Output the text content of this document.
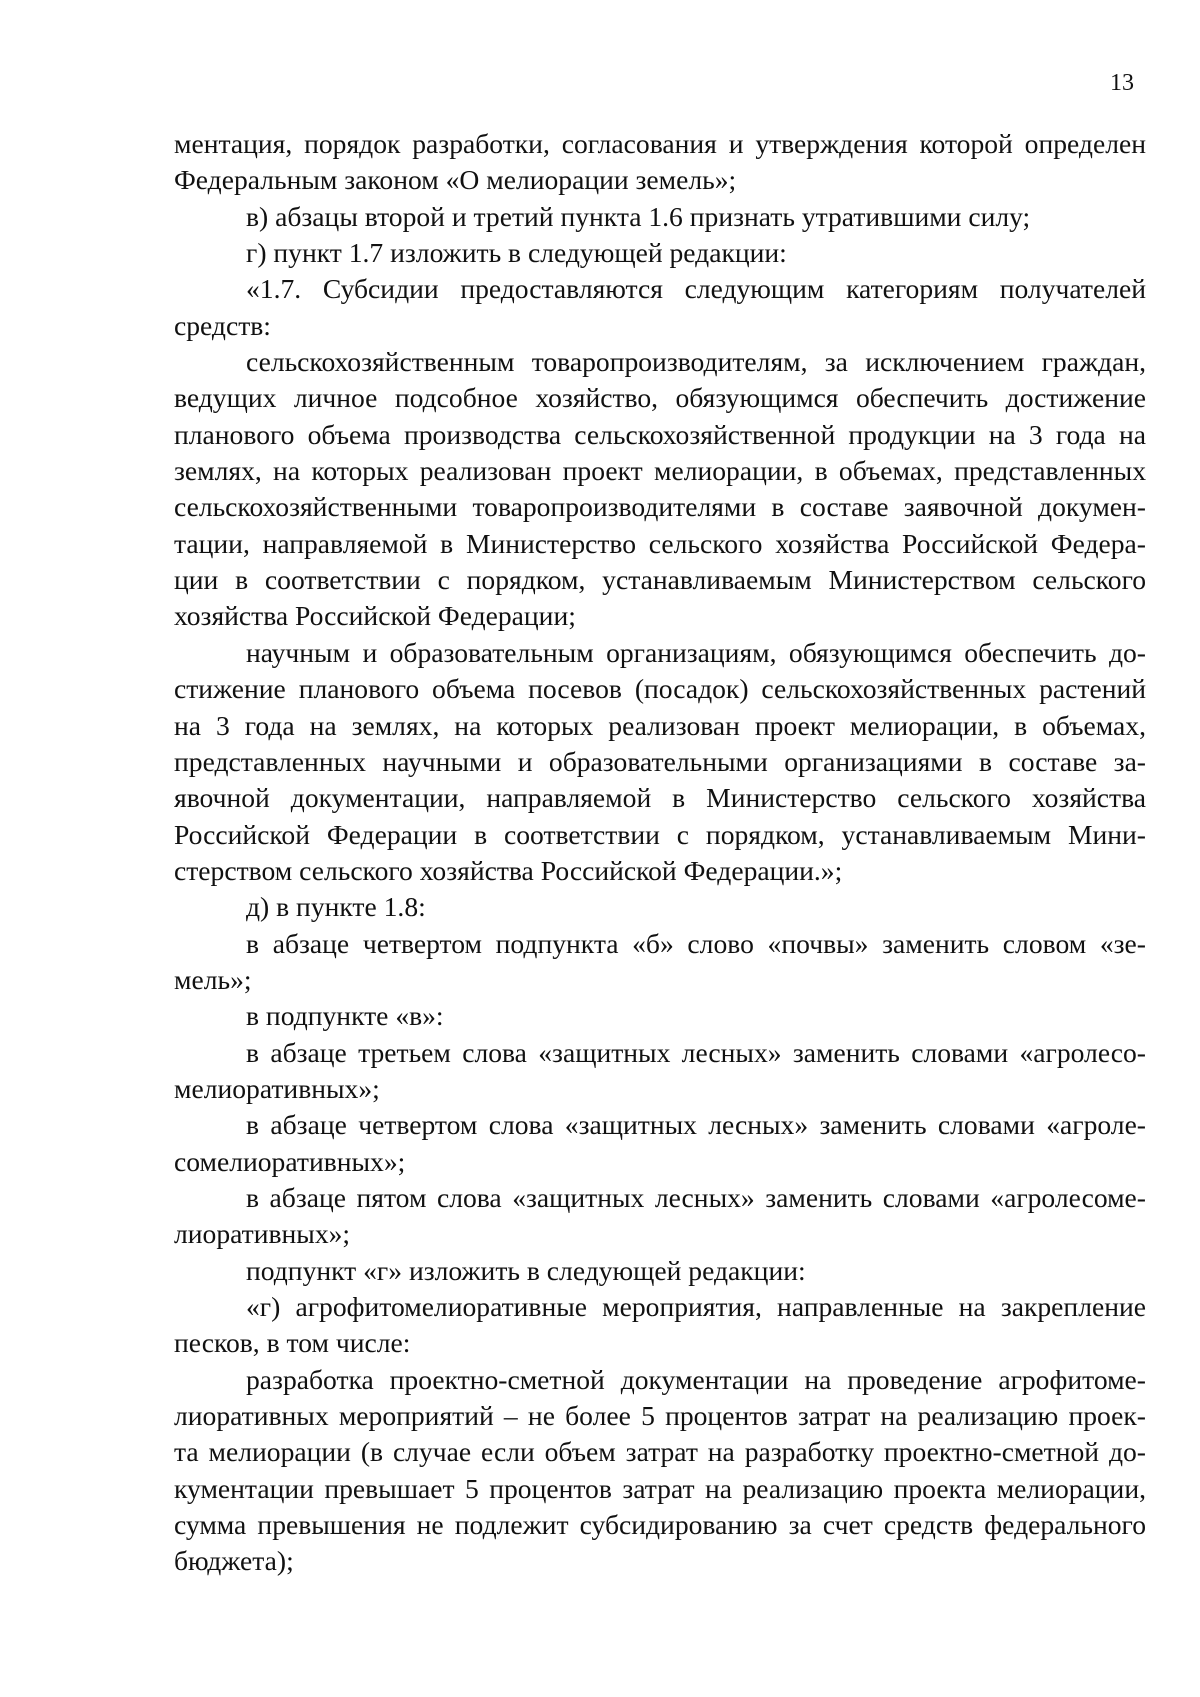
13
ментация, порядок разработки, согласования и утверждения которой определен
Федеральным законом «О мелиорации земель»;
в) абзацы второй и третий пункта 1.6 признать утратившими силу;
г) пункт 1.7 изложить в следующей редакции:
«1.7. Субсидии предоставляются следующим категориям получателей
средств:
сельскохозяйственным товаропроизводителям, за исключением граждан,
ведущих личное подсобное хозяйство, обязующимся обеспечить достижение
планового объема производства сельскохозяйственной продукции на 3 года на
землях, на которых реализован проект мелиорации, в объемах, представленных
сельскохозяйственными товаропроизводителями в составе заявочной докумен-
тации, направляемой в Министерство сельского хозяйства Российской Федера-
ции в соответствии с порядком, устанавливаемым Министерством сельского
хозяйства Российской Федерации;
научным и образовательным организациям, обязующимся обеспечить до-
стижение планового объема посевов (посадок) сельскохозяйственных растений
на 3 года на землях, на которых реализован проект мелиорации, в объемах,
представленных научными и образовательными организациями в составе за-
явочной документации, направляемой в Министерство сельского хозяйства
Российской Федерации в соответствии с порядком, устанавливаемым Мини-
стерством сельского хозяйства Российской Федерации.»;
д) в пункте 1.8:
в абзаце четвертом подпункта «б» слово «почвы» заменить словом «зе-
мель»;
в подпункте «в»:
в абзаце третьем слова «защитных лесных» заменить словами «агролесо-
мелиоративных»;
в абзаце четвертом слова «защитных лесных» заменить словами «агроле-
сомелиоративных»;
в абзаце пятом слова «защитных лесных» заменить словами «агролесоме-
лиоративных»;
подпункт «г» изложить в следующей редакции:
«г) агрофитомелиоративные мероприятия, направленные на закрепление
песков, в том числе:
разработка проектно-сметной документации на проведение агрофитоме-
лиоративных мероприятий – не более 5 процентов затрат на реализацию проек-
та мелиорации (в случае если объем затрат на разработку проектно-сметной до-
кументации превышает 5 процентов затрат на реализацию проекта мелиорации,
сумма превышения не подлежит субсидированию за счет средств федерального
бюджета);
